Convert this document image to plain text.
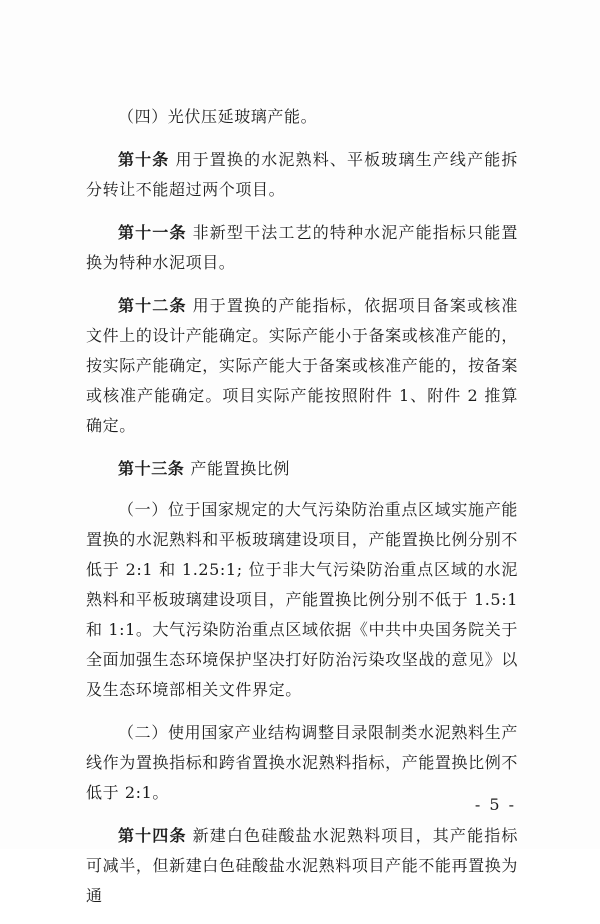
（四）光伏压延玻璃产能。

第十条 用于置换的水泥熟料、平板玻璃生产线产能拆分转让不能超过两个项目。

第十一条 非新型干法工艺的特种水泥产能指标只能置换为特种水泥项目。

第十二条 用于置换的产能指标，依据项目备案或核准文件上的设计产能确定。实际产能小于备案或核准产能的，按实际产能确定，实际产能大于备案或核准产能的，按备案或核准产能确定。项目实际产能按照附件 1、附件 2 推算确定。

第十三条 产能置换比例

（一）位于国家规定的大气污染防治重点区域实施产能置换的水泥熟料和平板玻璃建设项目，产能置换比例分别不低于 2:1 和 1.25:1; 位于非大气污染防治重点区域的水泥熟料和平板玻璃建设项目，产能置换比例分别不低于 1.5:1 和 1:1。大气污染防治重点区域依据《中共中央国务院关于全面加强生态环境保护坚决打好防治污染攻坚战的意见》以及生态环境部相关文件界定。

（二）使用国家产业结构调整目录限制类水泥熟料生产线作为置换指标和跨省置换水泥熟料指标，产能置换比例不低于 2:1。

第十四条 新建白色硅酸盐水泥熟料项目，其产能指标可减半，但新建白色硅酸盐水泥熟料项目产能不能再置换为通

- 5 -
